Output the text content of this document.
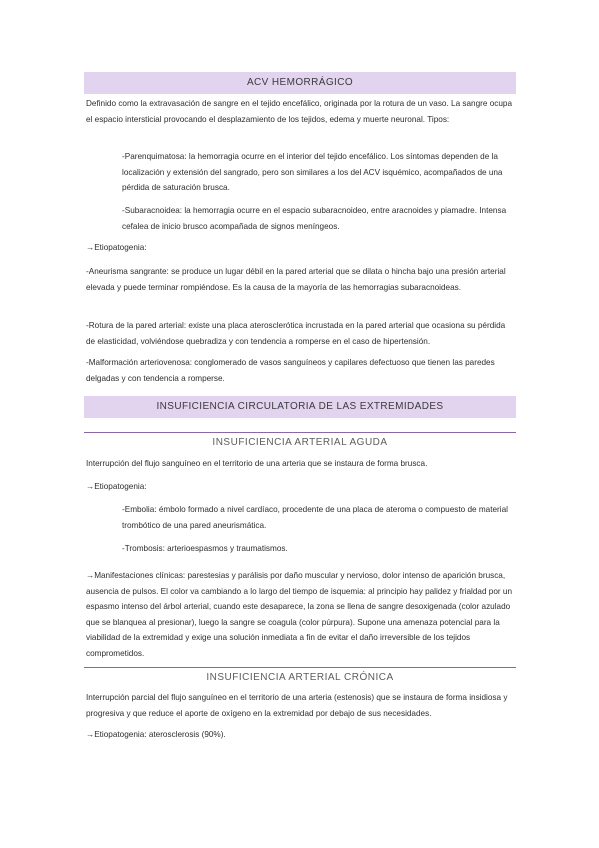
ACV HEMORRÁGICO

Definido como la extravasación de sangre en el tejido encefálico, originada por la rotura de un vaso. La sangre ocupa el espacio intersticial provocando el desplazamiento de los tejidos, edema y muerte neuronal. Tipos:

-Parenquimatosa: la hemorragia ocurre en el interior del tejido encefálico. Los síntomas dependen de la localización y extensión del sangrado, pero son similares a los del ACV isquémico, acompañados de una pérdida de saturación brusca.

-Subaracnoidea: la hemorragia ocurre en el espacio subaracnoideo, entre aracnoides y piamadre. Intensa cefalea de inicio brusco acompañada de signos meníngeos.

→Etiopatogenia:

-Aneurisma sangrante: se produce un lugar débil en la pared arterial que se dilata o hincha bajo una presión arterial elevada y puede terminar rompiéndose. Es la causa de la mayoría de las hemorragias subaracnoideas.

-Rotura de la pared arterial: existe una placa aterosclerótica incrustada en la pared arterial que ocasiona su pérdida de elasticidad, volviéndose quebradiza y con tendencia a romperse en el caso de hipertensión.

-Malformación arteriovenosa: conglomerado de vasos sanguíneos y capilares defectuoso que tienen las paredes delgadas y con tendencia a romperse.

INSUFICIENCIA CIRCULATORIA DE LAS EXTREMIDADES
INSUFICIENCIA ARTERIAL AGUDA

Interrupción del flujo sanguíneo en el territorio de una arteria que se instaura de forma brusca.

→Etiopatogenia:

-Embolia: émbolo formado a nivel cardíaco, procedente de una placa de ateroma o compuesto de material trombótico de una pared aneurismática.

-Trombosis: arterioespasmos y traumatismos.

→Manifestaciones clínicas: parestesias y parálisis por daño muscular y nervioso, dolor intenso de aparición brusca, ausencia de pulsos. El color va cambiando a lo largo del tiempo de isquemia: al principio hay palidez y frialdad por un espasmo intenso del árbol arterial, cuando este desaparece, la zona se llena de sangre desoxigenada (color azulado que se blanquea al presionar), luego la sangre se coagula (color púrpura). Supone una amenaza potencial para la viabilidad de la extremidad y exige una solución inmediata a fin de evitar el daño irreversible de los tejidos comprometidos.

INSUFICIENCIA ARTERIAL CRÓNICA

Interrupción parcial del flujo sanguíneo en el territorio de una arteria (estenosis) que se instaura de forma insidiosa y progresiva y que reduce el aporte de oxígeno en la extremidad por debajo de sus necesidades.

→Etiopatogenia: aterosclerosis (90%).
